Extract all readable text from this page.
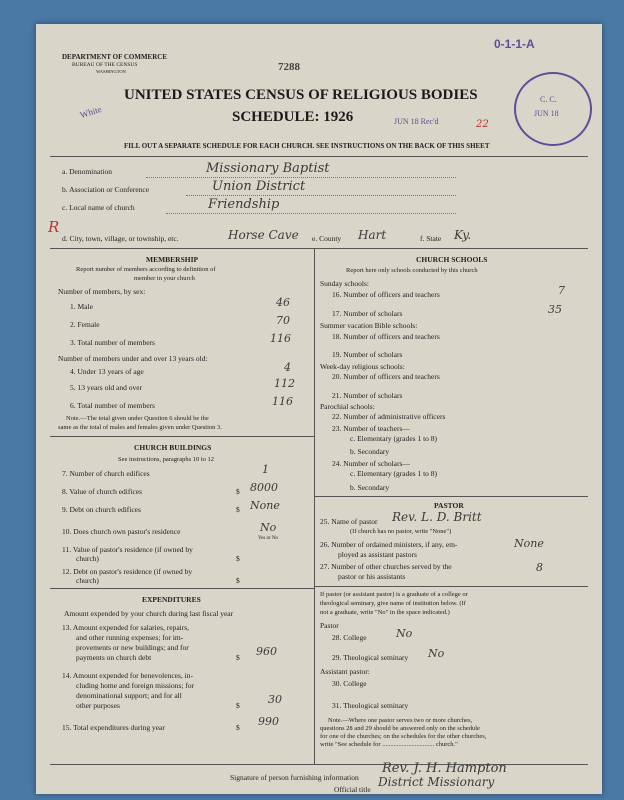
DEPARTMENT OF COMMERCE
BUREAU OF THE CENSUS
WASHINGTON	7288
0-1-1-A
White
UNITED STATES CENSUS OF RELIGIOUS BODIES
SCHEDULE: 1926	JUN 18 Rec'd	22
C. C.
JUN 18
FILL OUT A SEPARATE SCHEDULE FOR EACH CHURCH. SEE INSTRUCTIONS ON THE BACK OF THIS SHEET
a. Denomination	Missionary Baptist
b. Association or Conference	Union District
c. Local name of church	Friendship
R
d. City, town, village, or township, etc.	Horse Cave e. County Hart	f. State Ky.
MEMBERSHIP
Report number of members according to definition of
member in your church
Number of members, by sex:
1. Male	46
2. Female	70
3. Total number of members	116
Number of members under and over 13 years old:
4. Under 13 years of age	4
5. 13 years old and over	112
6. Total number of members	116
Note.—The total given under Question 6 should be the
same as the total of males and females given under Question 3.
CHURCH BUILDINGS
See instructions, paragraphs 10 to 12
7. Number of church edifices	1
8. Value of church edifices	$ 8000
9. Debt on church edifices	$ None
10. Does church own pastor's residence	No
Yes or No
11. Value of pastor's residence (if owned by
church)	$
12. Debt on pastor's residence (if owned by
church)	$
EXPENDITURES
Amount expended by your church during last fiscal year
13. Amount expended for salaries, repairs,
and other running expenses; for im-
provements or new buildings; and for
payments on church debt	$ 960
14. Amount expended for benevolences, in-
cluding home and foreign missions; for
denominational support; and for all
other purposes	$	30
15. Total expenditures during year	$ 990
CHURCH SCHOOLS
Report here only schools conducted by this church
Sunday schools:
16. Number of officers and teachers	7
17. Number of scholars	35
Summer vacation Bible schools:
18. Number of officers and teachers
19. Number of scholars
Week-day religious schools:
20. Number of officers and teachers
21. Number of scholars
Parochial schools:
22. Number of administrative officers
23. Number of teachers—
c. Elementary (grades 1 to 8)
b. Secondary
24. Number of scholars—
c. Elementary (grades 1 to 8)
b. Secondary
PASTOR
25. Name of pastor Rev. L. D. Britt
(If church has no pastor, write "None")
26. Number of ordained ministers, if any, em-
ployed as assistant pastors
None
27. Number of other churches served by the
pastor or his assistants
8
If pastor (or assistant pastor) is a graduate of a college or
theological seminary, give name of institution below. (If
not a graduate, write "No" in the space indicated.)
Pastor
28. College	No
29. Theological seminary No
Assistant pastor:
30. College
31. Theological seminary
Note.—Where one pastor serves two or more churches,
questions 28 and 29 should be answered only on the schedule
for one of the churches; on the schedules for the other churches,
write "See schedule for ................................ church."
Signature of person furnishing information
Rev. J. H. Hampton
Official title
District Missionary
